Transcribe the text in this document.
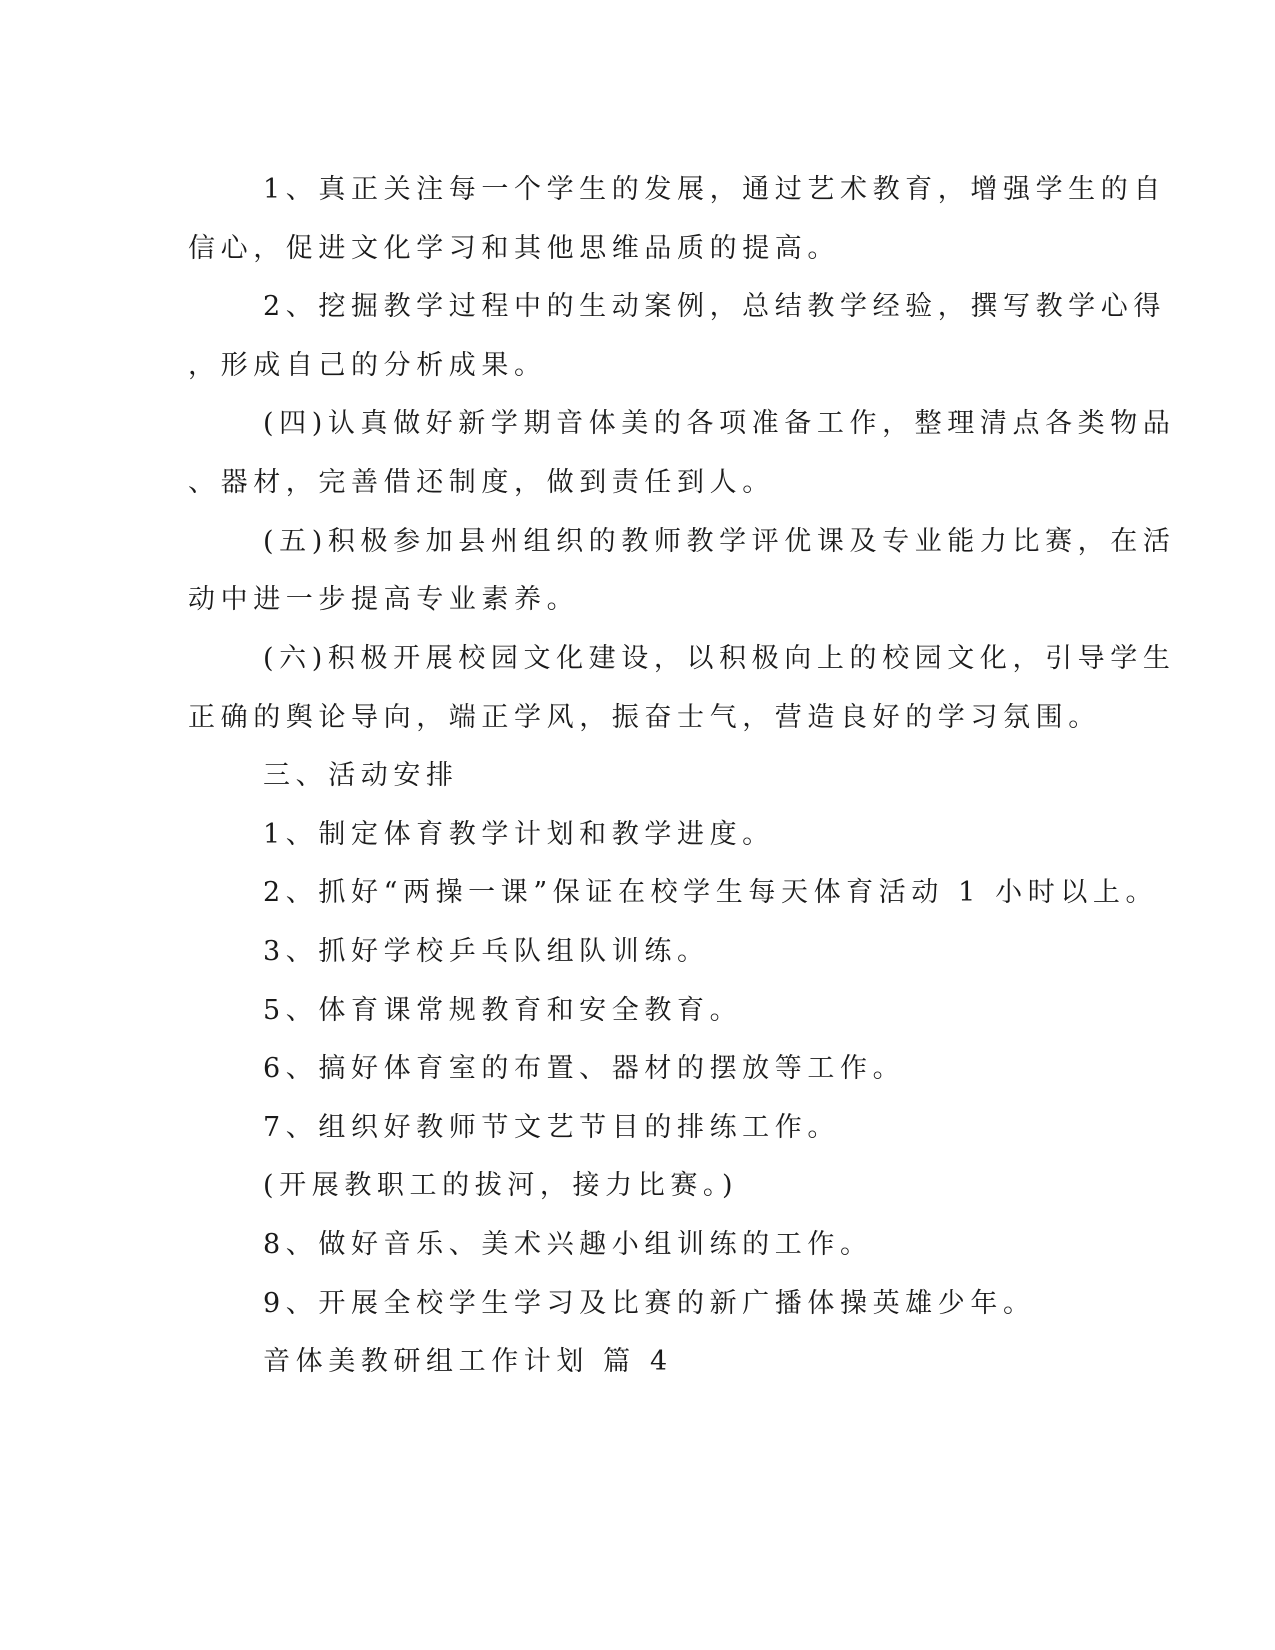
1、真正关注每一个学生的发展，通过艺术教育，增强学生的自
信心，促进文化学习和其他思维品质的提高。
2、挖掘教学过程中的生动案例，总结教学经验，撰写教学心得
，形成自己的分析成果。
(四)认真做好新学期音体美的各项准备工作，整理清点各类物品
、器材，完善借还制度，做到责任到人。
(五)积极参加县州组织的教师教学评优课及专业能力比赛，在活
动中进一步提高专业素养。
(六)积极开展校园文化建设，以积极向上的校园文化，引导学生
正确的舆论导向，端正学风，振奋士气，营造良好的学习氛围。
三、活动安排
1、制定体育教学计划和教学进度。
2、抓好“两操一课”保证在校学生每天体育活动 1 小时以上。
3、抓好学校乒乓队组队训练。
5、体育课常规教育和安全教育。
6、搞好体育室的布置、器材的摆放等工作。
7、组织好教师节文艺节目的排练工作。
(开展教职工的拔河，接力比赛。)
8、做好音乐、美术兴趣小组训练的工作。
9、开展全校学生学习及比赛的新广播体操英雄少年。
音体美教研组工作计划 篇 4
